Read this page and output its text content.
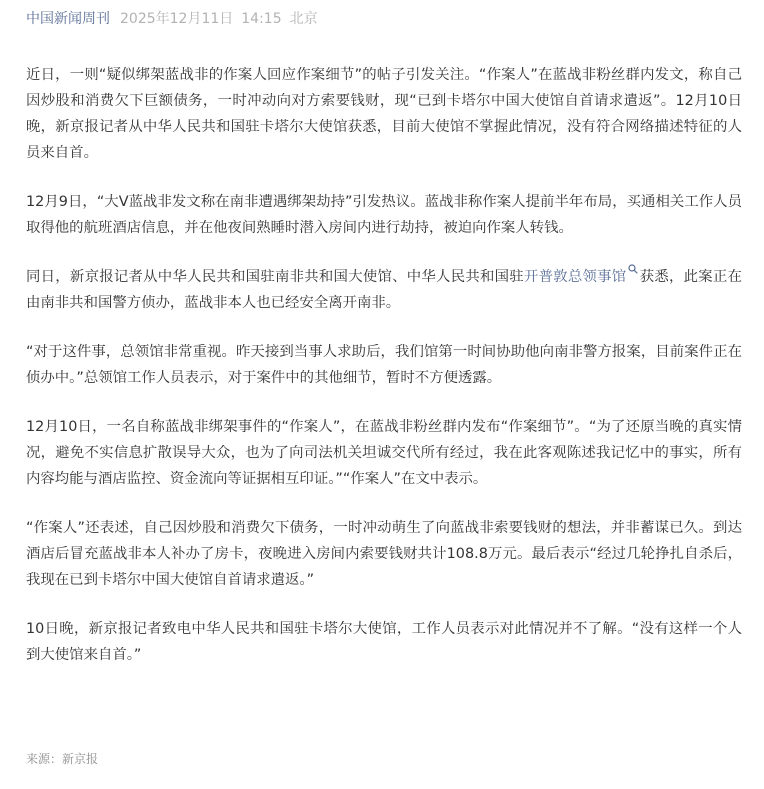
中国新闻周刊 2025年12月11日 14:15 北京

近日，一则“疑似绑架蓝战非的作案人回应作案细节”的帖子引发关注。“作案人”在蓝战非粉丝群内发文，称自己因炒股和消费欠下巨额债务，一时冲动向对方索要钱财，现“已到卡塔尔中国大使馆自首请求遣返”。12月10日晚，新京报记者从中华人民共和国驻卡塔尔大使馆获悉，目前大使馆不掌握此情况，没有符合网络描述特征的人员来自首。

12月9日，“大V蓝战非发文称在南非遭遇绑架劫持”引发热议。蓝战非称作案人提前半年布局，买通相关工作人员取得他的航班酒店信息，并在他夜间熟睡时潜入房间内进行劫持，被迫向作案人转钱。

同日，新京报记者从中华人民共和国驻南非共和国大使馆、中华人民共和国驻开普敦总领事馆 获悉，此案正在由南非共和国警方侦办，蓝战非本人也已经安全离开南非。

“对于这件事，总领馆非常重视。昨天接到当事人求助后，我们馆第一时间协助他向南非警方报案，目前案件正在侦办中。”总领馆工作人员表示，对于案件中的其他细节，暂时不方便透露。

12月10日，一名自称蓝战非绑架事件的“作案人”，在蓝战非粉丝群内发布“作案细节”。“为了还原当晚的真实情况，避免不实信息扩散误导大众，也为了向司法机关坦诚交代所有经过，我在此客观陈述我记忆中的事实，所有内容均能与酒店监控、资金流向等证据相互印证。”“作案人”在文中表示。

“作案人”还表述，自己因炒股和消费欠下债务，一时冲动萌生了向蓝战非索要钱财的想法，并非蓄谋已久。到达酒店后冒充蓝战非本人补办了房卡，夜晚进入房间内索要钱财共计108.8万元。最后表示“经过几轮挣扎自杀后，我现在已到卡塔尔中国大使馆自首请求遣返。”

10日晚，新京报记者致电中华人民共和国驻卡塔尔大使馆，工作人员表示对此情况并不了解。“没有这样一个人到大使馆来自首。”

来源：新京报
